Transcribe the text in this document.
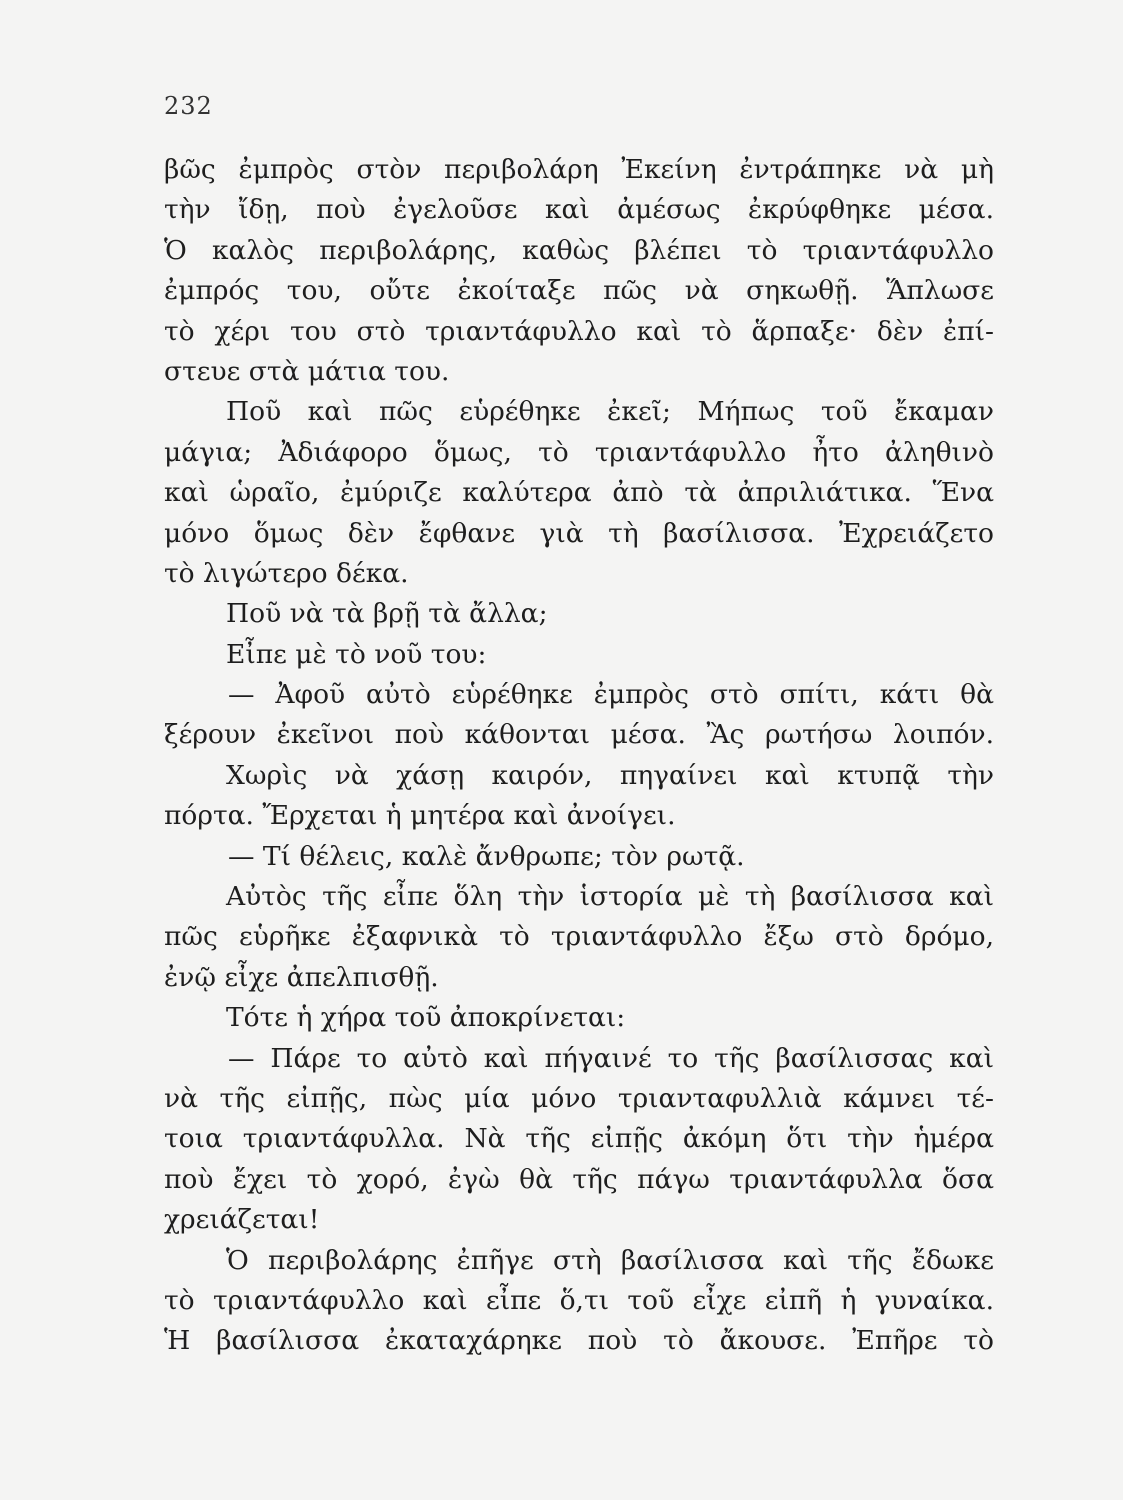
232
βῶς ἐμπρὸς στὸν περιβολάρη Ἐκείνη ἐντράπηκε νὰ μὴ
τὴν ἴδῃ, ποὺ ἐγελοῦσε καὶ ἀμέσως ἐκρύφθηκε μέσα.
Ὁ καλὸς περιβολάρης, καθὼς βλέπει τὸ τριαντάφυλλο
ἐμπρός του, οὔτε ἐκοίταξε πῶς νὰ σηκωθῇ. Ἅπλωσε
τὸ χέρι του στὸ τριαντάφυλλο καὶ τὸ ἅρπαξε· δὲν ἐπί-
στευε στὰ μάτια του.
Ποῦ καὶ πῶς εὑρέθηκε ἐκεῖ; Μήπως τοῦ ἔκαμαν
μάγια; Ἀδιάφορο ὅμως, τὸ τριαντάφυλλο ἦτο ἀληθινὸ
καὶ ὡραῖο, ἐμύριζε καλύτερα ἀπὸ τὰ ἀπριλιάτικα. Ἕνα
μόνο ὅμως δὲν ἔφθανε γιὰ τὴ βασίλισσα. Ἐχρειάζετο
τὸ λιγώτερο δέκα.
Ποῦ νὰ τὰ βρῇ τὰ ἄλλα;
Εἶπε μὲ τὸ νοῦ του:
— Ἀφοῦ αὐτὸ εὑρέθηκε ἐμπρὸς στὸ σπίτι, κάτι θὰ
ξέρουν ἐκεῖνοι ποὺ κάθονται μέσα. Ἂς ρωτήσω λοιπόν.
Χωρὶς νὰ χάσῃ καιρόν, πηγαίνει καὶ κτυπᾷ τὴν
πόρτα. Ἔρχεται ἡ μητέρα καὶ ἀνοίγει.
— Τί θέλεις, καλὲ ἄνθρωπε; τὸν ρωτᾷ.
Αὐτὸς τῆς εἶπε ὅλη τὴν ἱστορία μὲ τὴ βασίλισσα καὶ
πῶς εὑρῆκε ἐξαφνικὰ τὸ τριαντάφυλλο ἔξω στὸ δρόμο,
ἐνῷ εἶχε ἀπελπισθῇ.
Τότε ἡ χήρα τοῦ ἀποκρίνεται:
— Πάρε το αὐτὸ καὶ πήγαινέ το τῆς βασίλισσας καὶ
νὰ τῆς εἰπῇς, πὼς μία μόνο τριανταφυλλιὰ κάμνει τέ-
τοια τριαντάφυλλα. Νὰ τῆς εἰπῇς ἀκόμη ὅτι τὴν ἡμέρα
ποὺ ἔχει τὸ χορό, ἐγὼ θὰ τῆς πάγω τριαντάφυλλα ὅσα
χρειάζεται!
Ὁ περιβολάρης ἐπῆγε στὴ βασίλισσα καὶ τῆς ἔδωκε
τὸ τριαντάφυλλο καὶ εἶπε ὅ,τι τοῦ εἶχε εἰπῆ ἡ γυναίκα.
Ἡ βασίλισσα ἐκαταχάρηκε ποὺ τὸ ἄκουσε. Ἐπῆρε τὸ
